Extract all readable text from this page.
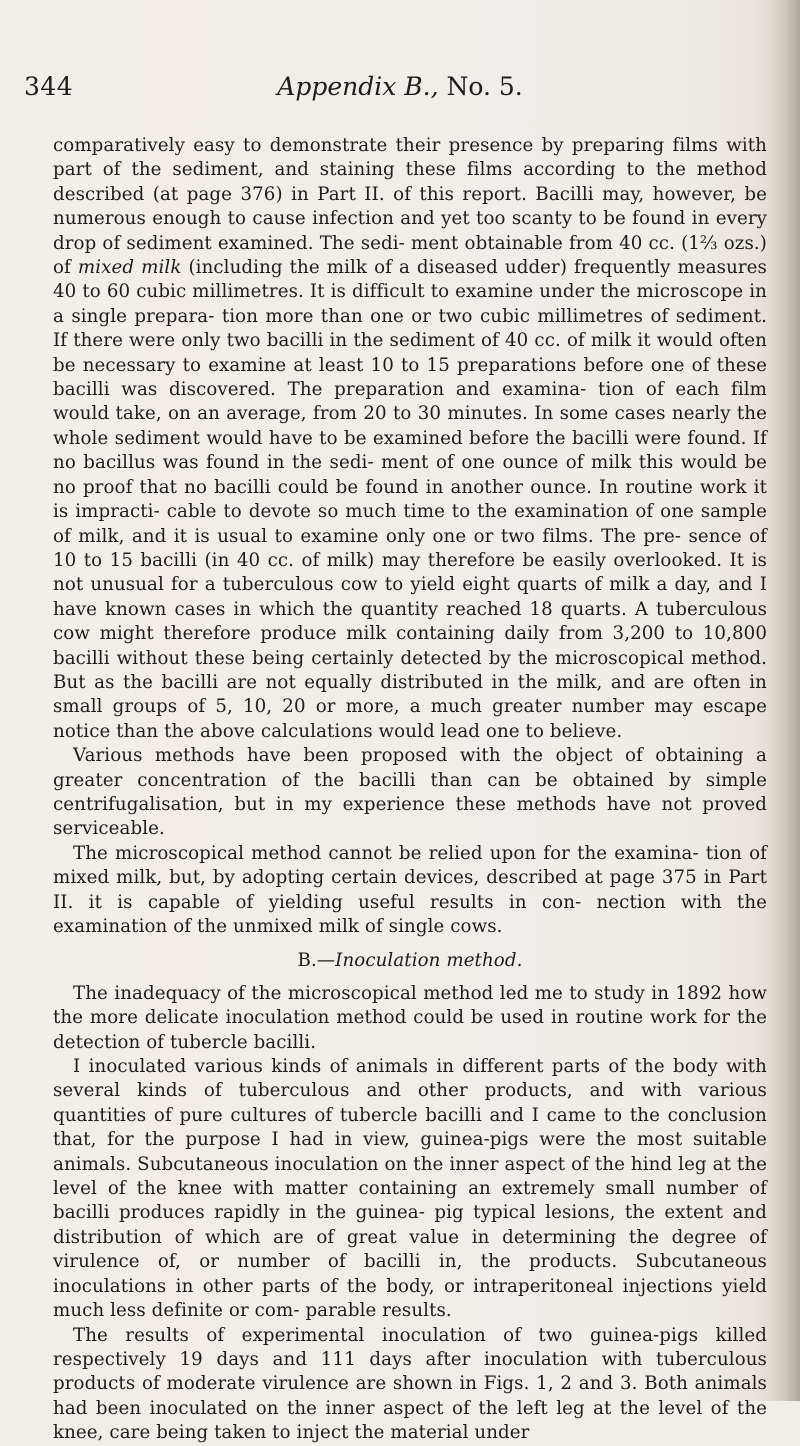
344	Appendix B., No. 5.

comparatively easy to demonstrate their presence by preparing films with part of the sediment, and staining these films according to the method described (at page 376) in Part II. of this report. Bacilli may, however, be numerous enough to cause infection and yet too scanty to be found in every drop of sediment examined. The sedi- ment obtainable from 40 cc. (1⅔ ozs.) of mixed milk (including the milk of a diseased udder) frequently measures 40 to 60 cubic millimetres. It is difficult to examine under the microscope in a single prepara- tion more than one or two cubic millimetres of sediment. If there were only two bacilli in the sediment of 40 cc. of milk it would often be necessary to examine at least 10 to 15 preparations before one of these bacilli was discovered. The preparation and examina- tion of each film would take, on an average, from 20 to 30 minutes. In some cases nearly the whole sediment would have to be examined before the bacilli were found. If no bacillus was found in the sedi- ment of one ounce of milk this would be no proof that no bacilli could be found in another ounce. In routine work it is impracti- cable to devote so much time to the examination of one sample of milk, and it is usual to examine only one or two films. The pre- sence of 10 to 15 bacilli (in 40 cc. of milk) may therefore be easily overlooked. It is not unusual for a tuberculous cow to yield eight quarts of milk a day, and I have known cases in which the quantity reached 18 quarts. A tuberculous cow might therefore produce milk containing daily from 3,200 to 10,800 bacilli without these being certainly detected by the microscopical method. But as the bacilli are not equally distributed in the milk, and are often in small groups of 5, 10, 20 or more, a much greater number may escape notice than the above calculations would lead one to believe.

Various methods have been proposed with the object of obtaining a greater concentration of the bacilli than can be obtained by simple centrifugalisation, but in my experience these methods have not proved serviceable.

The microscopical method cannot be relied upon for the examina- tion of mixed milk, but, by adopting certain devices, described at page 375 in Part II. it is capable of yielding useful results in con- nection with the examination of the unmixed milk of single cows.

B.—Inoculation method.

The inadequacy of the microscopical method led me to study in 1892 how the more delicate inoculation method could be used in routine work for the detection of tubercle bacilli.

I inoculated various kinds of animals in different parts of the body with several kinds of tuberculous and other products, and with various quantities of pure cultures of tubercle bacilli and I came to the conclusion that, for the purpose I had in view, guinea-pigs were the most suitable animals. Subcutaneous inoculation on the inner aspect of the hind leg at the level of the knee with matter containing an extremely small number of bacilli produces rapidly in the guinea- pig typical lesions, the extent and distribution of which are of great value in determining the degree of virulence of, or number of bacilli in, the products. Subcutaneous inoculations in other parts of the body, or intraperitoneal injections yield much less definite or com- parable results.

The results of experimental inoculation of two guinea-pigs killed respectively 19 days and 111 days after inoculation with tuberculous products of moderate virulence are shown in Figs. 1, 2 and 3. Both animals had been inoculated on the inner aspect of the left leg at the level of the knee, care being taken to inject the material under
